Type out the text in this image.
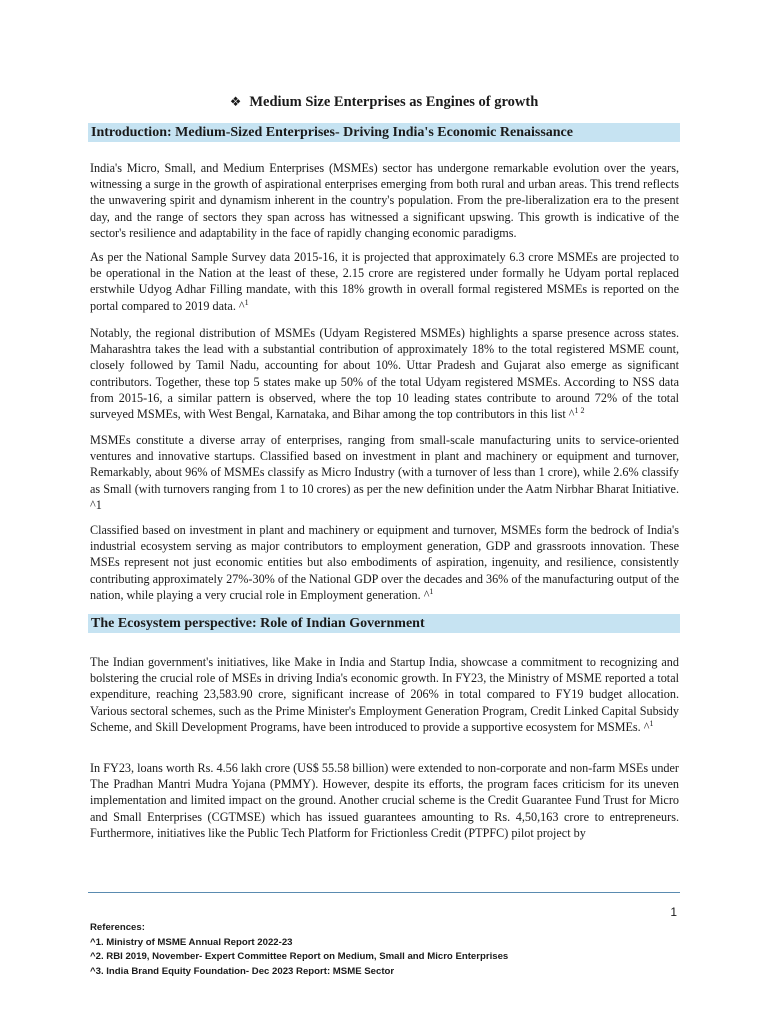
❖ Medium Size Enterprises as Engines of growth
Introduction: Medium-Sized Enterprises- Driving India's Economic Renaissance

India's Micro, Small, and Medium Enterprises (MSMEs) sector has undergone remarkable evolution over the years, witnessing a surge in the growth of aspirational enterprises emerging from both rural and urban areas. This trend reflects the unwavering spirit and dynamism inherent in the country's population. From the pre-liberalization era to the present day, and the range of sectors they span across has witnessed a significant upswing. This growth is indicative of the sector's resilience and adaptability in the face of rapidly changing economic paradigms.

As per the National Sample Survey data 2015-16, it is projected that approximately 6.3 crore MSMEs are projected to be operational in the Nation at the least of these, 2.15 crore are registered under formally he Udyam portal replaced erstwhile Udyog Adhar Filling mandate, with this 18% growth in overall formal registered MSMEs is reported on the portal compared to 2019 data. ^$^1$

Notably, the regional distribution of MSMEs (Udyam Registered MSMEs) highlights a sparse presence across states. Maharashtra takes the lead with a substantial contribution of approximately 18% to the total registered MSME count, closely followed by Tamil Nadu, accounting for about 10%. Uttar Pradesh and Gujarat also emerge as significant contributors. Together, these top 5 states make up 50% of the total Udyam registered MSMEs. According to NSS data from 2015-16, a similar pattern is observed, where the top 10 leading states contribute to around 72% of the total surveyed MSMEs, with West Bengal, Karnataka, and Bihar among the top contributors in this list ^$^{1 2}$

MSMEs constitute a diverse array of enterprises, ranging from small-scale manufacturing units to service-oriented ventures and innovative startups. Classified based on investment in plant and machinery or equipment and turnover, Remarkably, about 96% of MSMEs classify as Micro Industry (with a turnover of less than 1 crore), while 2.6% classify as Small (with turnovers ranging from 1 to 10 crores) as per the new definition under the Aatm Nirbhar Bharat Initiative. ^1

Classified based on investment in plant and machinery or equipment and turnover, MSMEs form the bedrock of India's industrial ecosystem serving as major contributors to employment generation, GDP and grassroots innovation. These MSEs represent not just economic entities but also embodiments of aspiration, ingenuity, and resilience, consistently contributing approximately 27%-30% of the National GDP over the decades and 36% of the manufacturing output of the nation, while playing a very crucial role in Employment generation. ^$^1$

The Ecosystem perspective: Role of Indian Government

The Indian government's initiatives, like Make in India and Startup India, showcase a commitment to recognizing and bolstering the crucial role of MSEs in driving India's economic growth. In FY23, the Ministry of MSME reported a total expenditure, reaching 23,583.90 crore, significant increase of 206% in total compared to FY19 budget allocation. Various sectoral schemes, such as the Prime Minister's Employment Generation Program, Credit Linked Capital Subsidy Scheme, and Skill Development Programs, have been introduced to provide a supportive ecosystem for MSMEs. ^$^1$

In FY23, loans worth Rs. 4.56 lakh crore (US$ 55.58 billion) were extended to non-corporate and non-farm MSEs under The Pradhan Mantri Mudra Yojana (PMMY). However, despite its efforts, the program faces criticism for its uneven implementation and limited impact on the ground. Another crucial scheme is the Credit Guarantee Fund Trust for Micro and Small Enterprises (CGTMSE) which has issued guarantees amounting to Rs. 4,50,163 crore to entrepreneurs. Furthermore, initiatives like the Public Tech Platform for Frictionless Credit (PTPFC) pilot project by

1
References:
^1. Ministry of MSME Annual Report 2022-23
^2. RBI 2019, November- Expert Committee Report on Medium, Small and Micro Enterprises
^3. India Brand Equity Foundation- Dec 2023 Report: MSME Sector
